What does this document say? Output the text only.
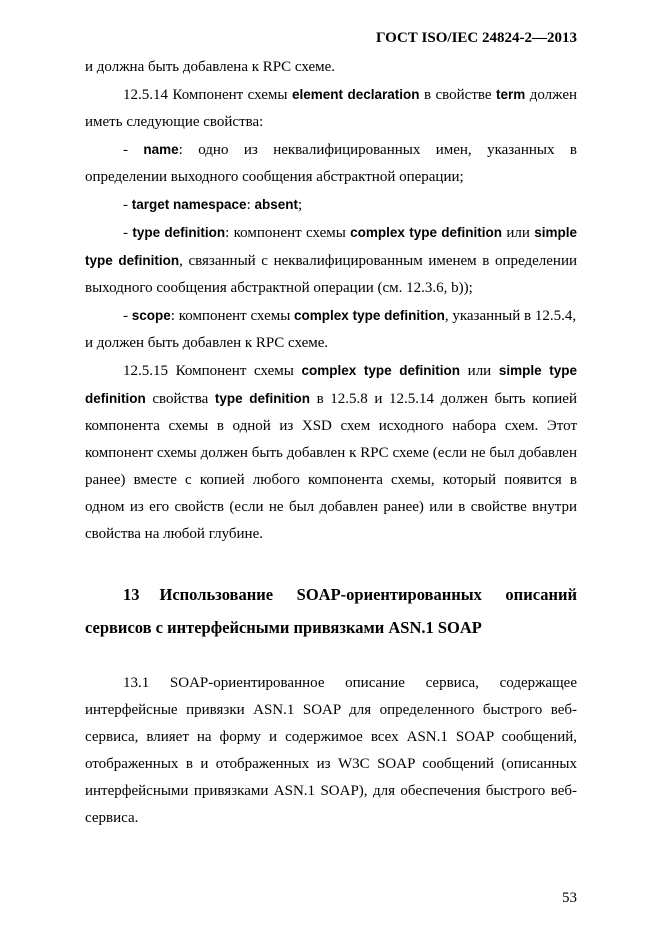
ГОСТ ISO/IEC 24824-2—2013

и должна быть добавлена к RPC схеме.

12.5.14 Компонент схемы element declaration в свойстве term должен иметь следующие свойства:

- name: одно из неквалифицированных имен, указанных в определении выходного сообщения абстрактной операции;

- target namespace: absent;

- type definition: компонент схемы complex type definition или simple type definition, связанный с неквалифицированным именем в определении выходного сообщения абстрактной операции (см. 12.3.6, b));

- scope: компонент схемы complex type definition, указанный в 12.5.4,

и должен быть добавлен к RPC схеме.

12.5.15 Компонент схемы complex type definition или simple type definition свойства type definition в 12.5.8 и 12.5.14 должен быть копией компонента схемы в одной из XSD схем исходного набора схем. Этот компонент схемы должен быть добавлен к RPC схеме (если не был добавлен ранее) вместе с копией любого компонента схемы, который появится в одном из его свойств (если не был добавлен ранее) или в свойстве внутри свойства на любой глубине.

13 Использование SOAP-ориентированных описаний сервисов с интерфейсными привязками ASN.1 SOAP

13.1 SOAP-ориентированное описание сервиса, содержащее интерфейсные привязки ASN.1 SOAP для определенного быстрого веб-сервиса, влияет на форму и содержимое всех ASN.1 SOAP сообщений, отображенных в и отображенных из W3C SOAP сообщений (описанных интерфейсными привязками ASN.1 SOAP), для обеспечения быстрого веб-сервиса.

53
